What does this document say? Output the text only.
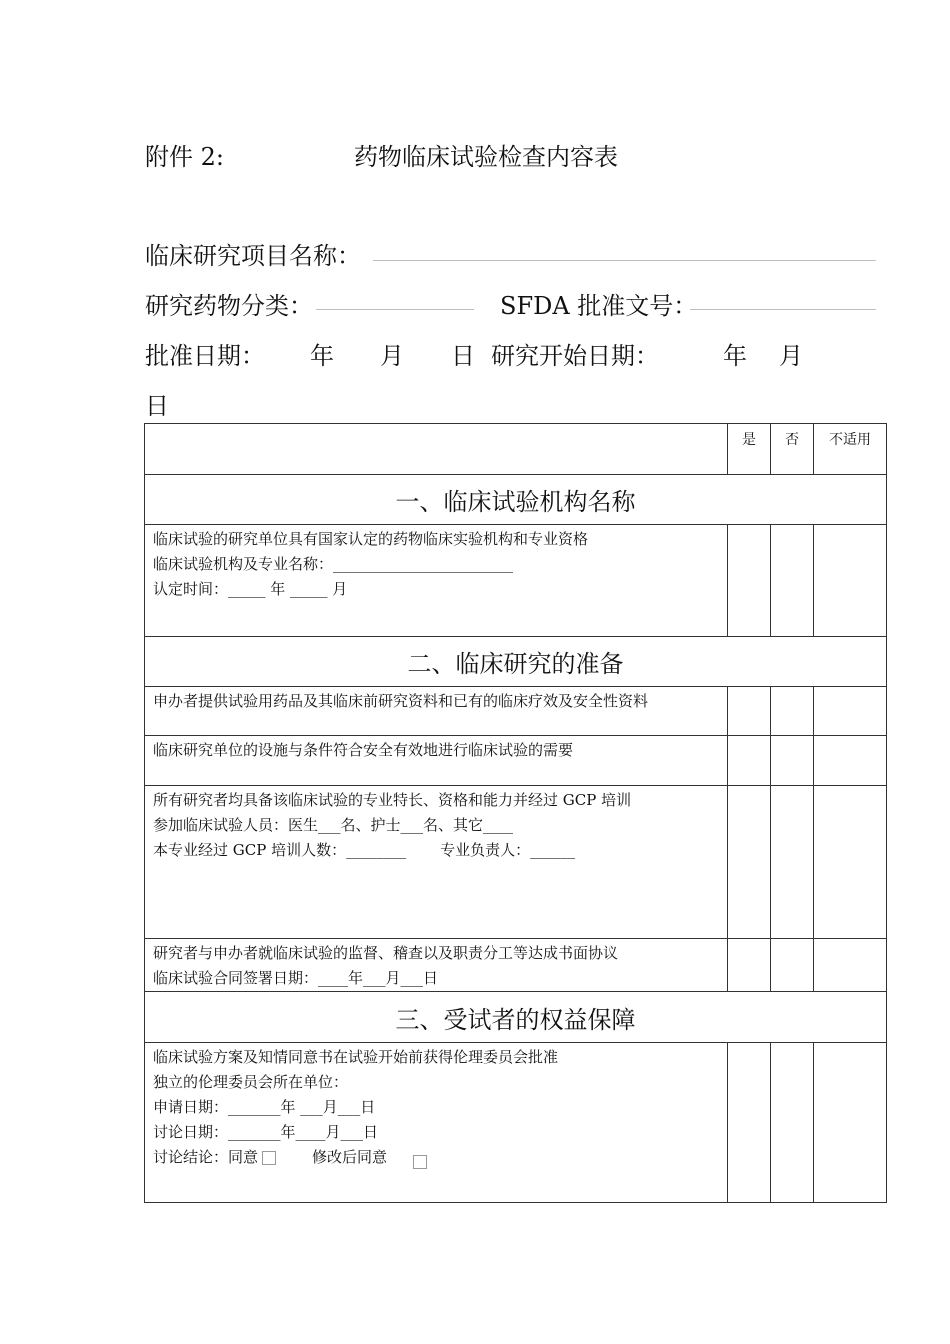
附件 2:	药物临床试验检查内容表
临床研究项目名称：
研究药物分类：	SFDA 批准文号：
批准日期： 年 月 日 研究开始日期：	年 月
日
	是	否	不适用
一、临床试验机构名称			

临床试验的研究单位具有国家认定的药物临床实验机构和专业资格
临床试验机构及专业名称：________________________
认定时间：_____ 年 _____ 月			

二、临床研究的准备			

申办者提供试验用药品及其临床前研究资料和已有的临床疗效及安全性资料			

临床研究单位的设施与条件符合安全有效地进行临床试验的需要			

所有研究者均具备该临床试验的专业特长、资格和能力并经过 GCP 培训
参加临床试验人员：医生___名、护士___名、其它____
本专业经过 GCP 培训人数：________ 专业负责人：______			

研究者与申办者就临床试验的监督、稽查以及职责分工等达成书面协议
临床试验合同签署日期：____年___月___日			

三、受试者的权益保障			

临床试验方案及知情同意书在试验开始前获得伦理委员会批准
独立的伦理委员会所在单位：
申请日期：_______年 ___月___日
讨论日期：_______年____月___日
讨论结论：同意 修改后同意			
